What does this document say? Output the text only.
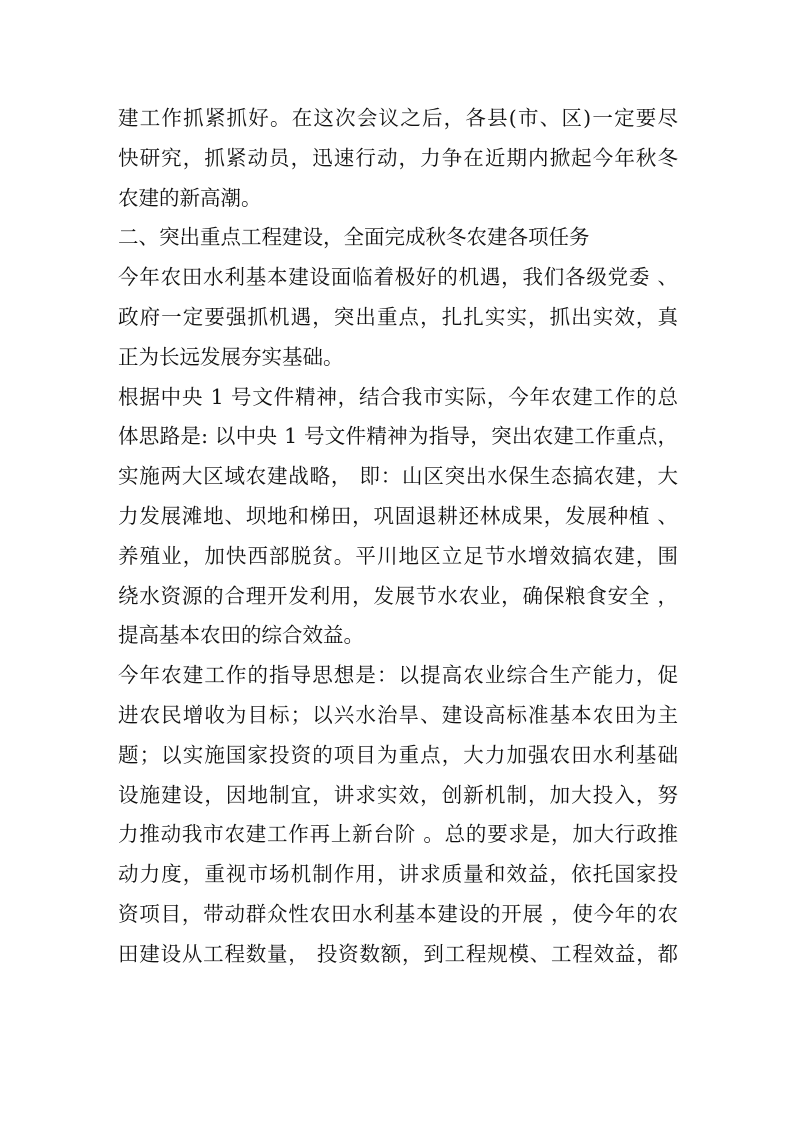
建工作抓紧抓好。在这次会议之后，各县(市、区)一定要尽
快研究，抓紧动员，迅速行动，力争在近期内掀起今年秋冬
农建的新高潮。
二、突出重点工程建设，全面完成秋冬农建各项任务
今年农田水利基本建设面临着极好的机遇，我们各级党委 、
政府一定要强抓机遇，突出重点，扎扎实实，抓出实效，真
正为长远发展夯实基础。
根据中央 1 号文件精神，结合我市实际，今年农建工作的总
体思路是: 以中央 1 号文件精神为指导，突出农建工作重点，
实施两大区域农建战略， 即：山区突出水保生态搞农建，大
力发展滩地、坝地和梯田，巩固退耕还林成果，发展种植 、
养殖业，加快西部脱贫。平川地区立足节水增效搞农建，围
绕水资源的合理开发利用，发展节水农业，确保粮食安全 ，
提高基本农田的综合效益。
今年农建工作的指导思想是：以提高农业综合生产能力，促
进农民增收为目标；以兴水治旱、建设高标准基本农田为主
题；以实施国家投资的项目为重点，大力加强农田水利基础
设施建设，因地制宜，讲求实效，创新机制，加大投入，努
力推动我市农建工作再上新台阶 。总的要求是，加大行政推
动力度，重视市场机制作用，讲求质量和效益，依托国家投
资项目，带动群众性农田水利基本建设的开展 ，使今年的农
田建设从工程数量， 投资数额，到工程规模、工程效益，都
